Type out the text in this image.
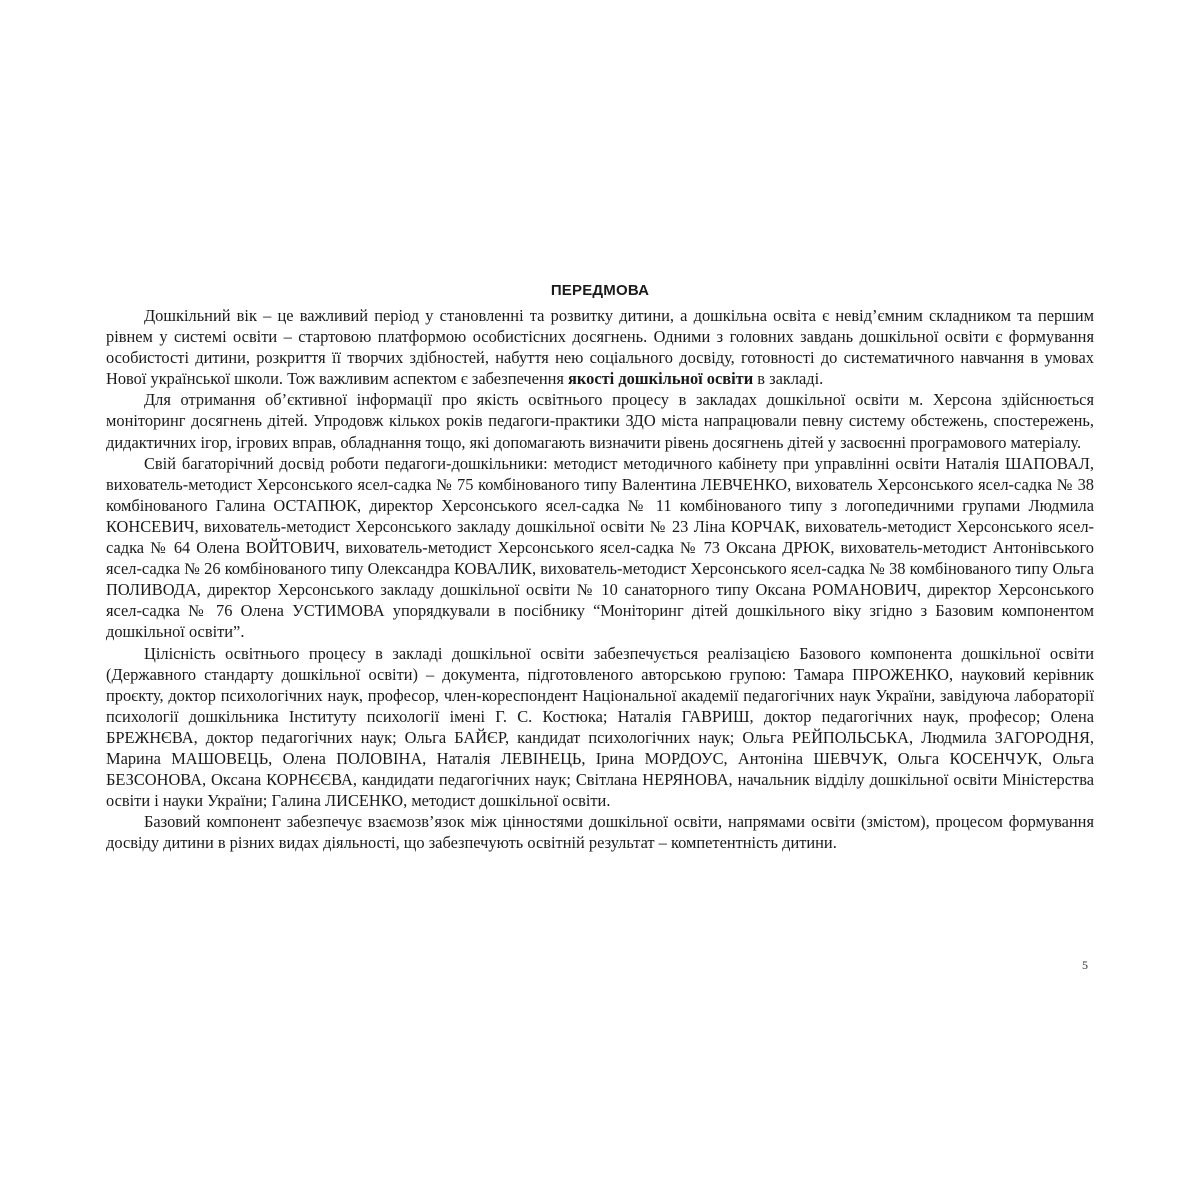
ПЕРЕДМОВА

Дошкільний вік – це важливий період у становленні та розвитку дитини, а дошкільна освіта є невід’ємним складником та першим рівнем у системі освіти – стартовою платформою особистісних досягнень. Одними з головних завдань дошкільної освіти є формування особистості дитини, розкриття її творчих здібностей, набуття нею соціального досвіду, готовності до систематичного навчання в умовах Нової української школи. Тож важливим аспектом є забезпечення якості дошкільної освіти в закладі.

Для отримання об’єктивної інформації про якість освітнього процесу в закладах дошкільної освіти м. Херсона здійснюється моніторинг досягнень дітей. Упродовж кількох років педагоги-практики ЗДО міста напрацювали певну систему обстежень, спостережень, дидактичних ігор, ігрових вправ, обладнання тощо, які допомагають визначити рівень досягнень дітей у засвоєнні програмового матеріалу.

Свій багаторічний досвід роботи педагоги-дошкільники: методист методичного кабінету при управлінні освіти Наталія ШАПОВАЛ, вихователь-методист Херсонського ясел-садка № 75 комбінованого типу Валентина ЛЕВЧЕНКО, вихователь Херсонського ясел-садка № 38 комбінованого Галина ОСТАПЮК, директор Херсонського ясел-садка № 11 комбінованого типу з логопедичними групами Людмила КОНСЕВИЧ, вихователь-методист Херсонського закладу дошкільної освіти № 23 Ліна КОРЧАК, вихователь-методист Херсонського ясел-садка № 64 Олена ВОЙТОВИЧ, вихователь-методист Херсонського ясел-садка № 73 Оксана ДРЮК, вихователь-методист Антонівського ясел-садка № 26 комбінованого типу Олександра КОВАЛИК, вихователь-методист Херсонського ясел-садка № 38 комбінованого типу Ольга ПОЛИВОДА, директор Херсонського закладу дошкільної освіти № 10 санаторного типу Оксана РОМАНОВИЧ, директор Херсонського ясел-садка № 76 Олена УСТИМОВА упорядкували в посібнику “Моніторинг дітей дошкільного віку згідно з Базовим компонентом дошкільної освіти”.

Цілісність освітнього процесу в закладі дошкільної освіти забезпечується реалізацією Базового компонента дошкільної освіти (Державного стандарту дошкільної освіти) – документа, підготовленого авторською групою: Тамара ПІРОЖЕНКО, науковий керівник проєкту, доктор психологічних наук, професор, член-кореспондент Національної академії педагогічних наук України, завідуюча лабораторії психології дошкільника Інституту психології імені Г. С. Костюка; Наталія ГАВРИШ, доктор педагогічних наук, професор; Олена БРЕЖНЄВА, доктор педагогічних наук; Ольга БАЙЄР, кандидат психологічних наук; Ольга РЕЙПОЛЬСЬКА, Людмила ЗАГОРОДНЯ, Марина МАШОВЕЦЬ, Олена ПОЛОВІНА, Наталія ЛЕВІНЕЦЬ, Ірина МОРДОУС, Антоніна ШЕВЧУК, Ольга КОСЕНЧУК, Ольга БЕЗСОНОВА, Оксана КОРНЄЄВА, кандидати педагогічних наук; Світлана НЕРЯНОВА, начальник відділу дошкільної освіти Міністерства освіти і науки України; Галина ЛИСЕНКО, методист дошкільної освіти.

Базовий компонент забезпечує взаємозв’язок між цінностями дошкільної освіти, напрямами освіти (змістом), процесом формування досвіду дитини в різних видах діяльності, що забезпечують освітній результат – компетентність дитини.

5
